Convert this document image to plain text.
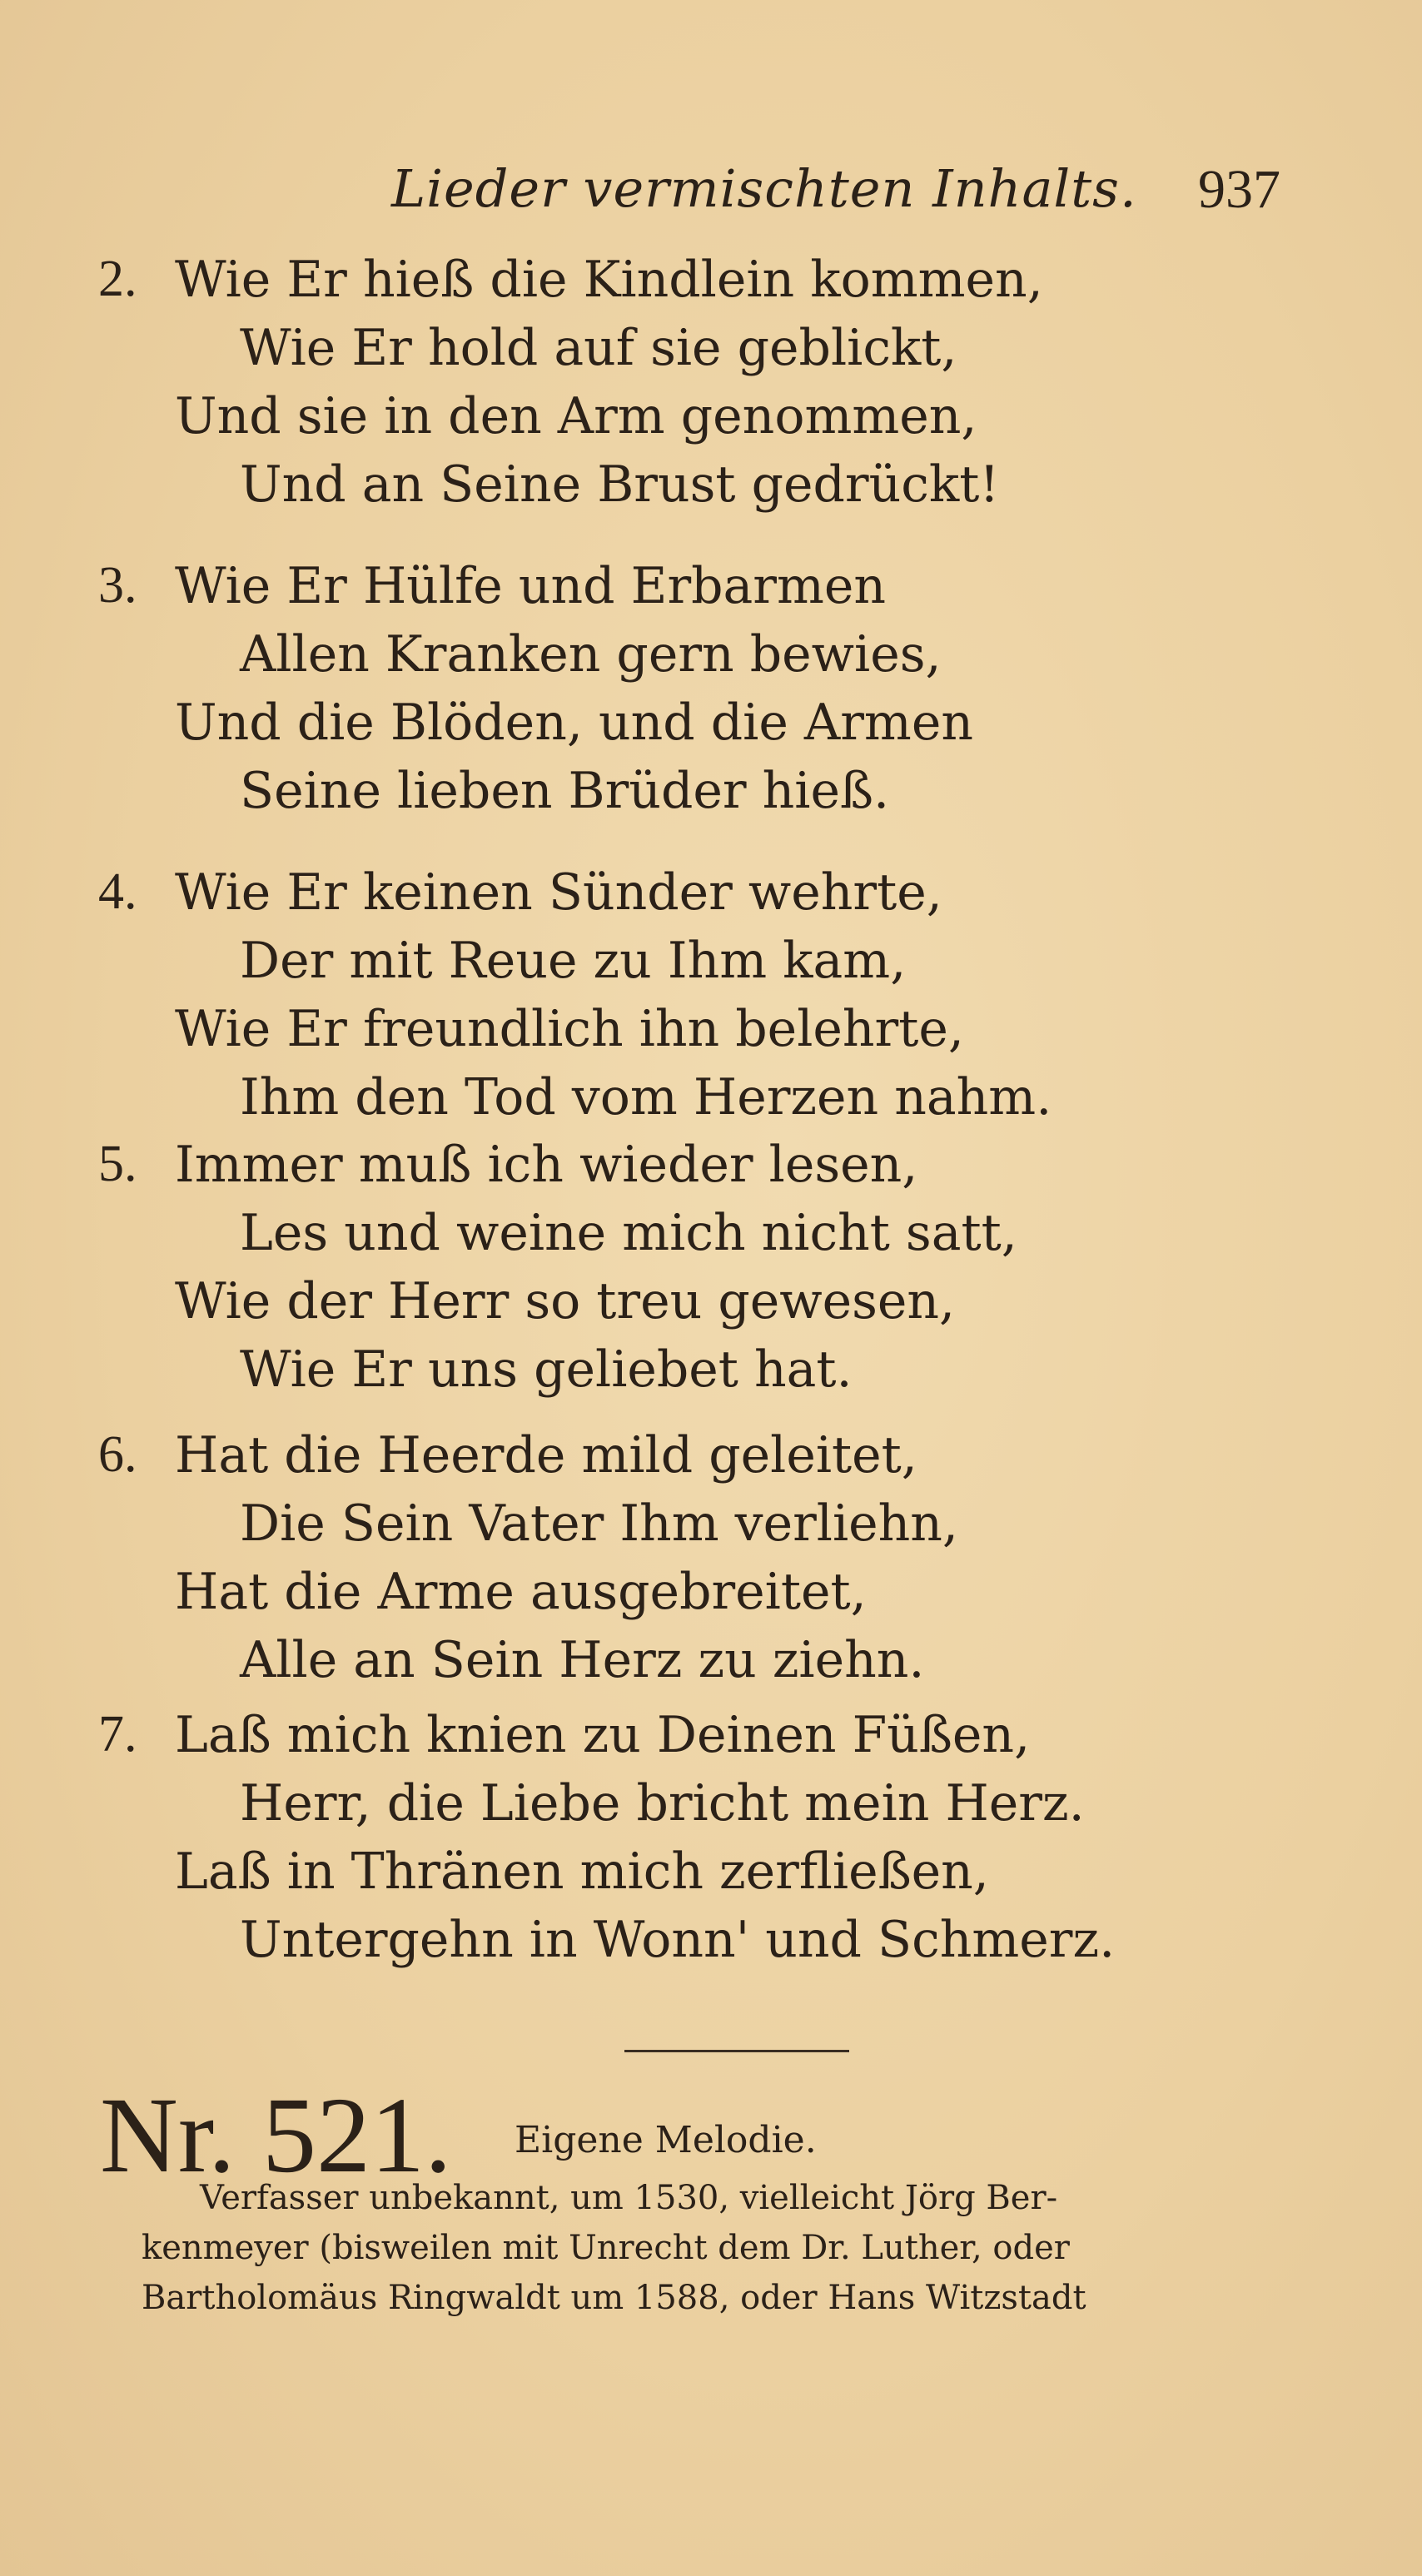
Lieder vermischten Inhalts. 937
2. Wie Er hieß die Kindlein kommen,
Wie Er hold auf sie geblickt,
Und sie in den Arm genommen,
Und an Seine Brust gedrückt!
3. Wie Er Hülfe und Erbarmen
Allen Kranken gern bewies,
Und die Blöden, und die Armen
Seine lieben Brüder hieß.
4. Wie Er keinen Sünder wehrte,
Der mit Reue zu Ihm kam,
Wie Er freundlich ihn belehrte,
Ihm den Tod vom Herzen nahm.
5. Immer muß ich wieder lesen,
Les und weine mich nicht satt,
Wie der Herr so treu gewesen,
Wie Er uns geliebet hat.
6. Hat die Heerde mild geleitet,
Die Sein Vater Ihm verliehn,
Hat die Arme ausgebreitet,
Alle an Sein Herz zu ziehn.
7. Laß mich knien zu Deinen Füßen,
Herr, die Liebe bricht mein Herz.
Laß in Thränen mich zerfließen,
Untergehn in Wonn' und Schmerz.
Nr. 521. Eigene Melodie.
Verfasser unbekannt, um 1530, vielleicht Jörg Ber-
kenmeyer (bisweilen mit Unrecht dem Dr. Luther, oder
Bartholomäus Ringwaldt um 1588, oder Hans Witzstadt
